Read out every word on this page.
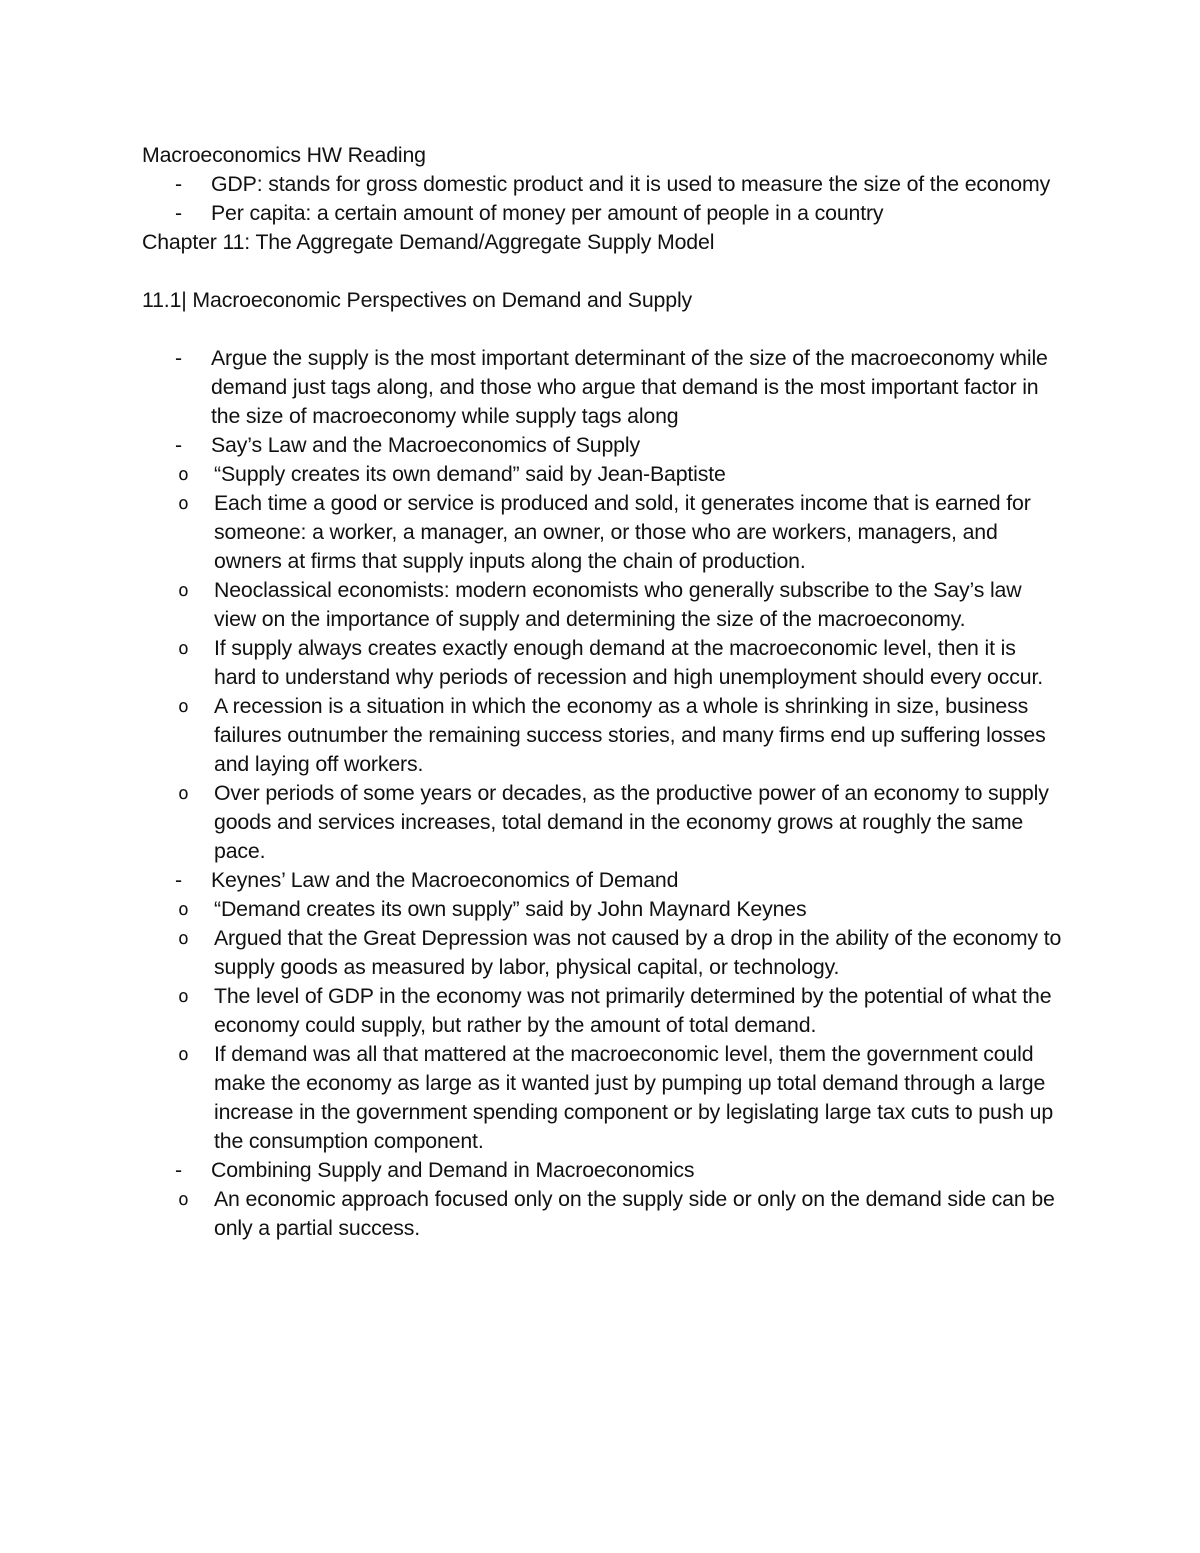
Macroeconomics HW Reading

- GDP: stands for gross domestic product and it is used to measure the size of the economy
- Per capita: a certain amount of money per amount of people in a country

Chapter 11: The Aggregate Demand/Aggregate Supply Model

11.1| Macroeconomic Perspectives on Demand and Supply

- Argue the supply is the most important determinant of the size of the macroeconomy while demand just tags along, and those who argue that demand is the most important factor in the size of macroeconomy while supply tags along
- Say’s Law and the Macroeconomics of Supply
o “Supply creates its own demand” said by Jean-Baptiste
o Each time a good or service is produced and sold, it generates income that is earned for someone: a worker, a manager, an owner, or those who are workers, managers, and owners at firms that supply inputs along the chain of production.
o Neoclassical economists: modern economists who generally subscribe to the Say’s law view on the importance of supply and determining the size of the macroeconomy.
o If supply always creates exactly enough demand at the macroeconomic level, then it is hard to understand why periods of recession and high unemployment should every occur.
o A recession is a situation in which the economy as a whole is shrinking in size, business failures outnumber the remaining success stories, and many firms end up suffering losses and laying off workers.
o Over periods of some years or decades, as the productive power of an economy to supply goods and services increases, total demand in the economy grows at roughly the same pace.
- Keynes’ Law and the Macroeconomics of Demand
o “Demand creates its own supply” said by John Maynard Keynes
o Argued that the Great Depression was not caused by a drop in the ability of the economy to supply goods as measured by labor, physical capital, or technology.
o The level of GDP in the economy was not primarily determined by the potential of what the economy could supply, but rather by the amount of total demand.
o If demand was all that mattered at the macroeconomic level, them the government could make the economy as large as it wanted just by pumping up total demand through a large increase in the government spending component or by legislating large tax cuts to push up the consumption component.
- Combining Supply and Demand in Macroeconomics
o An economic approach focused only on the supply side or only on the demand side can be only a partial success.
